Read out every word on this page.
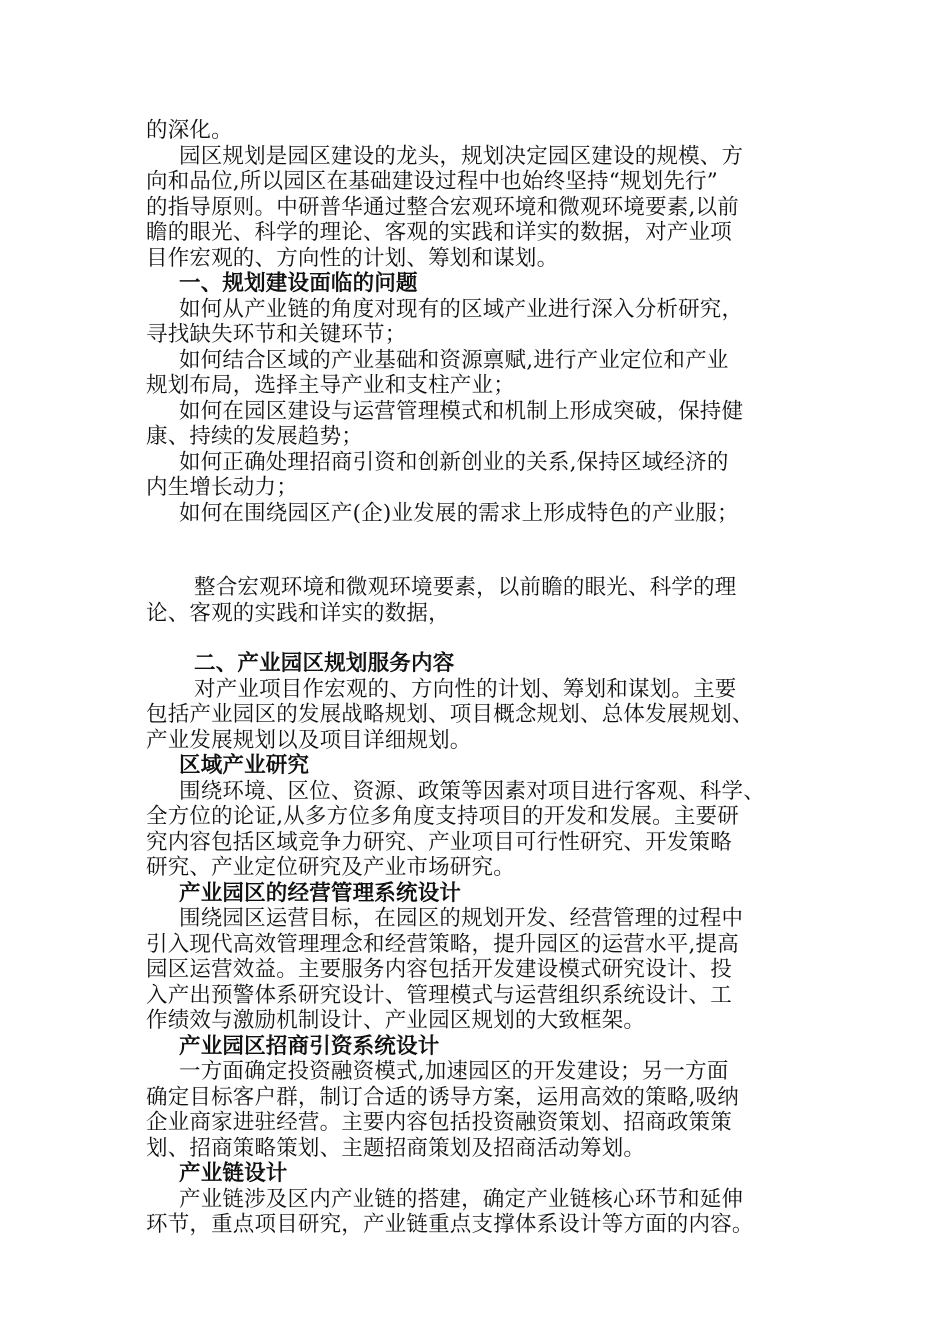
的深化。
园区规划是园区建设的龙头，规划决定园区建设的规模、方
向和品位,所以园区在基础建设过程中也始终坚持“规划先行”
的指导原则。中研普华通过整合宏观环境和微观环境要素,以前
瞻的眼光、科学的理论、客观的实践和详实的数据，对产业项
目作宏观的、方向性的计划、筹划和谋划。
一、规划建设面临的问题
如何从产业链的角度对现有的区域产业进行深入分析研究，
寻找缺失环节和关键环节；
如何结合区域的产业基础和资源禀赋,进行产业定位和产业
规划布局，选择主导产业和支柱产业；
如何在园区建设与运营管理模式和机制上形成突破，保持健
康、持续的发展趋势；
如何正确处理招商引资和创新创业的关系,保持区域经济的
内生增长动力；
如何在围绕园区产(企)业发展的需求上形成特色的产业服；
整合宏观环境和微观环境要素，以前瞻的眼光、科学的理
论、客观的实践和详实的数据，
二、产业园区规划服务内容
对产业项目作宏观的、方向性的计划、筹划和谋划。主要
包括产业园区的发展战略规划、项目概念规划、总体发展规划、
产业发展规划以及项目详细规划。
区域产业研究
围绕环境、区位、资源、政策等因素对项目进行客观、科学、
全方位的论证,从多方位多角度支持项目的开发和发展。主要研
究内容包括区域竞争力研究、产业项目可行性研究、开发策略
研究、产业定位研究及产业市场研究。
产业园区的经营管理系统设计
围绕园区运营目标，在园区的规划开发、经营管理的过程中
引入现代高效管理理念和经营策略，提升园区的运营水平,提高
园区运营效益。主要服务内容包括开发建设模式研究设计、投
入产出预警体系研究设计、管理模式与运营组织系统设计、工
作绩效与激励机制设计、产业园区规划的大致框架。
产业园区招商引资系统设计
一方面确定投资融资模式,加速园区的开发建设；另一方面
确定目标客户群，制订合适的诱导方案，运用高效的策略,吸纳
企业商家进驻经营。主要内容包括投资融资策划、招商政策策
划、招商策略策划、主题招商策划及招商活动筹划。
产业链设计
产业链涉及区内产业链的搭建，确定产业链核心环节和延伸
环节，重点项目研究，产业链重点支撑体系设计等方面的内容。
